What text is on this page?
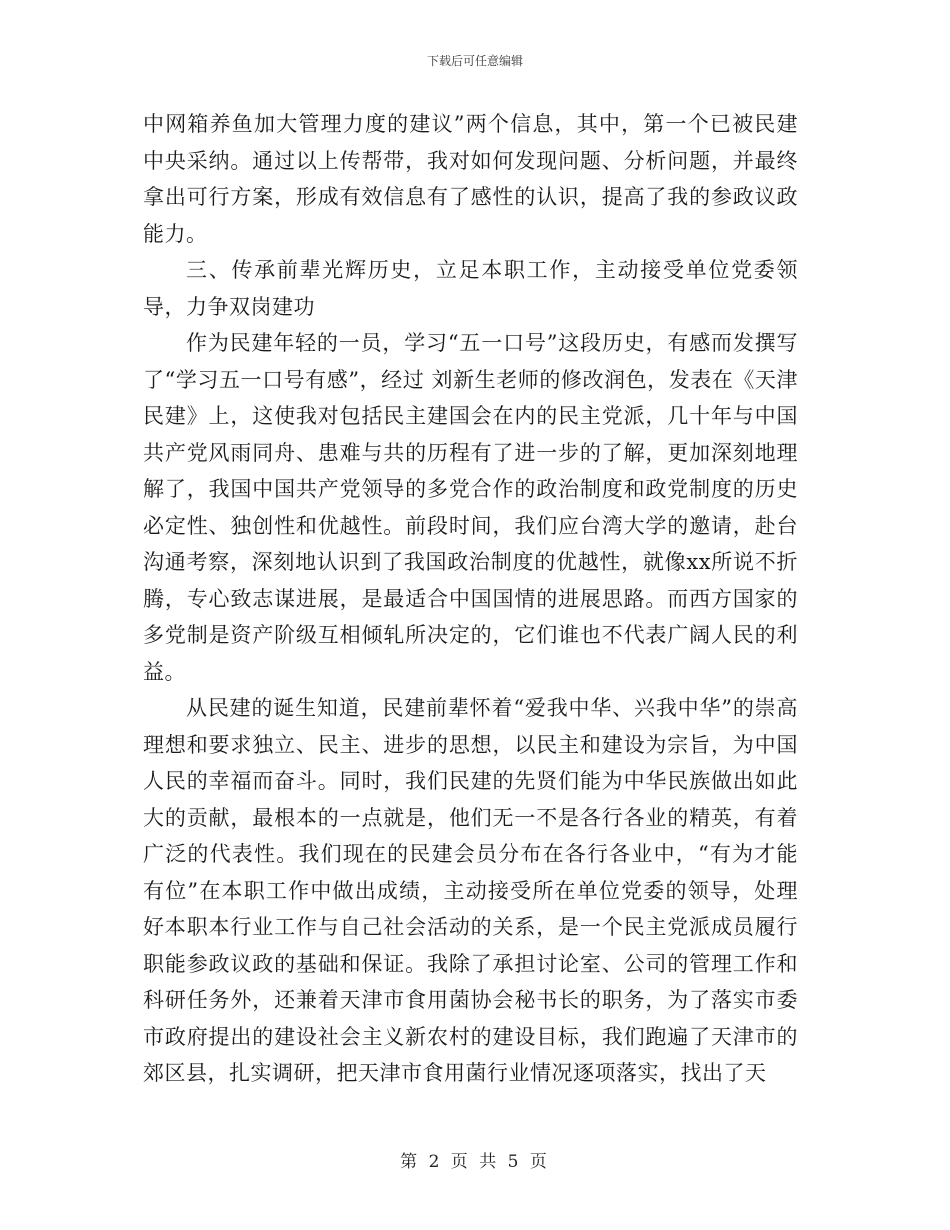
下载后可任意编辑

中网箱养鱼加大管理力度的建议”两个信息，其中，第一个已被民建中央采纳。通过以上传帮带，我对如何发现问题、分析问题，并最终拿出可行方案，形成有效信息有了感性的认识，提高了我的参政议政能力。

三、传承前辈光辉历史，立足本职工作，主动接受单位党委领导，力争双岗建功

作为民建年轻的一员，学习“五一口号”这段历史，有感而发撰写了“学习五一口号有感”，经过 刘新生老师的修改润色，发表在《天津民建》上，这使我对包括民主建国会在内的民主党派，几十年与中国共产党风雨同舟、患难与共的历程有了进一步的了解，更加深刻地理解了，我国中国共产党领导的多党合作的政治制度和政党制度的历史必定性、独创性和优越性。前段时间，我们应台湾大学的邀请，赴台沟通考察，深刻地认识到了我国政治制度的优越性，就像xx所说不折腾，专心致志谋进展，是最适合中国国情的进展思路。而西方国家的多党制是资产阶级互相倾轧所决定的，它们谁也不代表广阔人民的利益。

从民建的诞生知道，民建前辈怀着“爱我中华、兴我中华”的崇高理想和要求独立、民主、进步的思想，以民主和建设为宗旨，为中国人民的幸福而奋斗。同时，我们民建的先贤们能为中华民族做出如此大的贡献，最根本的一点就是，他们无一不是各行各业的精英，有着广泛的代表性。我们现在的民建会员分布在各行各业中，“有为才能有位”在本职工作中做出成绩，主动接受所在单位党委的领导，处理好本职本行业工作与自己社会活动的关系，是一个民主党派成员履行职能参政议政的基础和保证。我除了承担讨论室、公司的管理工作和科研任务外，还兼着天津市食用菌协会秘书长的职务，为了落实市委市政府提出的建设社会主义新农村的建设目标，我们跑遍了天津市的郊区县，扎实调研，把天津市食用菌行业情况逐项落实，找出了天

第 2 页 共 5 页
